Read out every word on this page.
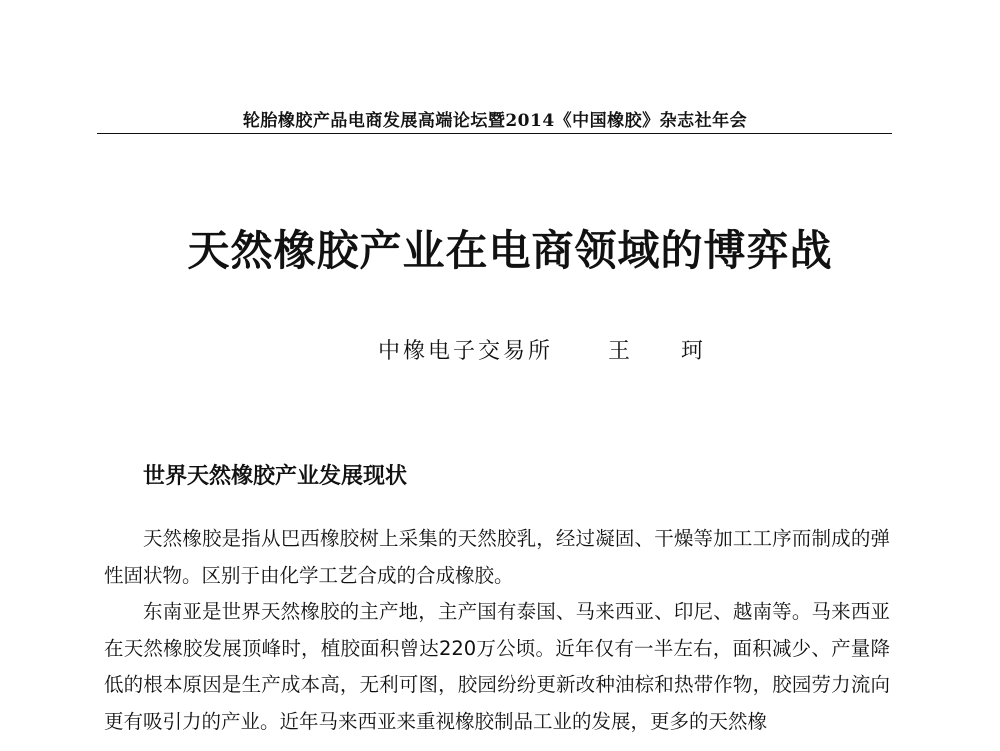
轮胎橡胶产品电商发展高端论坛暨2014《中国橡胶》杂志社年会
天然橡胶产业在电商领域的博弈战
中橡电子交易所	王 珂
世界天然橡胶产业发展现状

天然橡胶是指从巴西橡胶树上采集的天然胶乳，经过凝固、干燥等加工工序而制成的弹性固状物。区别于由化学工艺合成的合成橡胶。

东南亚是世界天然橡胶的主产地，主产国有泰国、马来西亚、印尼、越南等。马来西亚在天然橡胶发展顶峰时，植胶面积曾达220万公顷。近年仅有一半左右，面积减少、产量降低的根本原因是生产成本高，无利可图，胶园纷纷更新改种油棕和热带作物，胶园劳力流向更有吸引力的产业。近年马来西亚来重视橡胶制品工业的发展，更多的天然橡
